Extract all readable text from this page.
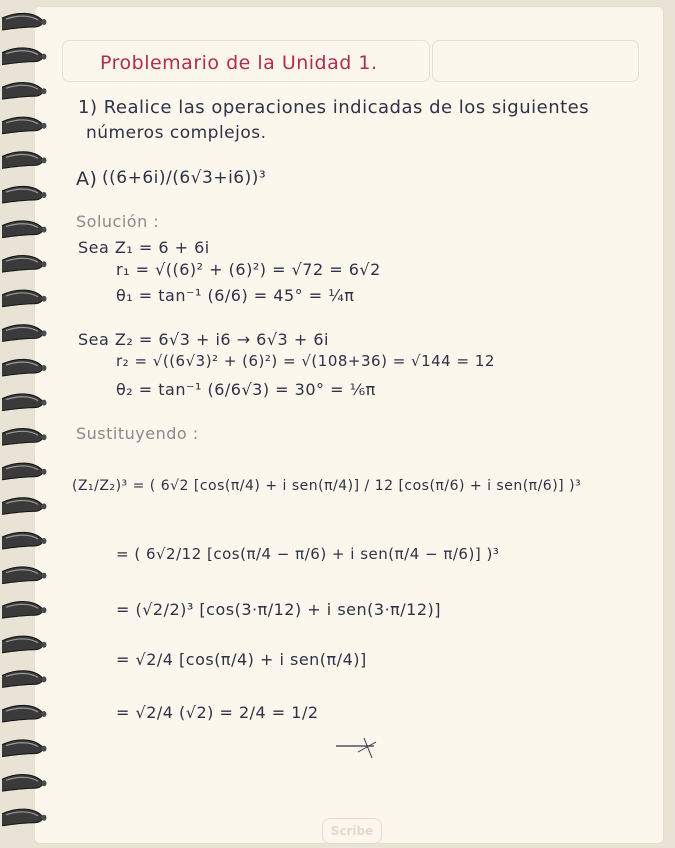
Problemario de la Unidad 1.
1) Realice las operaciones indicadas de los siguientes
números complejos.
A) ((6+6i)/(6√3+i6))³
Solución :
Sea Z₁ = 6 + 6i
r₁ = √((6)² + (6)²) = √72 = 6√2
θ₁ = tan⁻¹ (6/6) = 45° = ¼π
Sea Z₂ = 6√3 + i6 → 6√3 + 6i
r₂ = √((6√3)² + (6)²) = √(108+36) = √144 = 12
θ₂ = tan⁻¹ (6/6√3) = 30° = ⅙π
Sustituyendo :
(Z₁/Z₂)³ = ( 6√2 [cos(π/4) + i sen(π/4)] / 12 [cos(π/6) + i sen(π/6)] )³
= ( 6√2/12 [cos(π/4 − π/6) + i sen(π/4 − π/6)] )³
= (√2/2)³ [cos(3·π/12) + i sen(3·π/12)]
= √2/4 [cos(π/4) + i sen(π/4)]
= √2/4 (√2) = 2/4 = 1/2
Scribe
